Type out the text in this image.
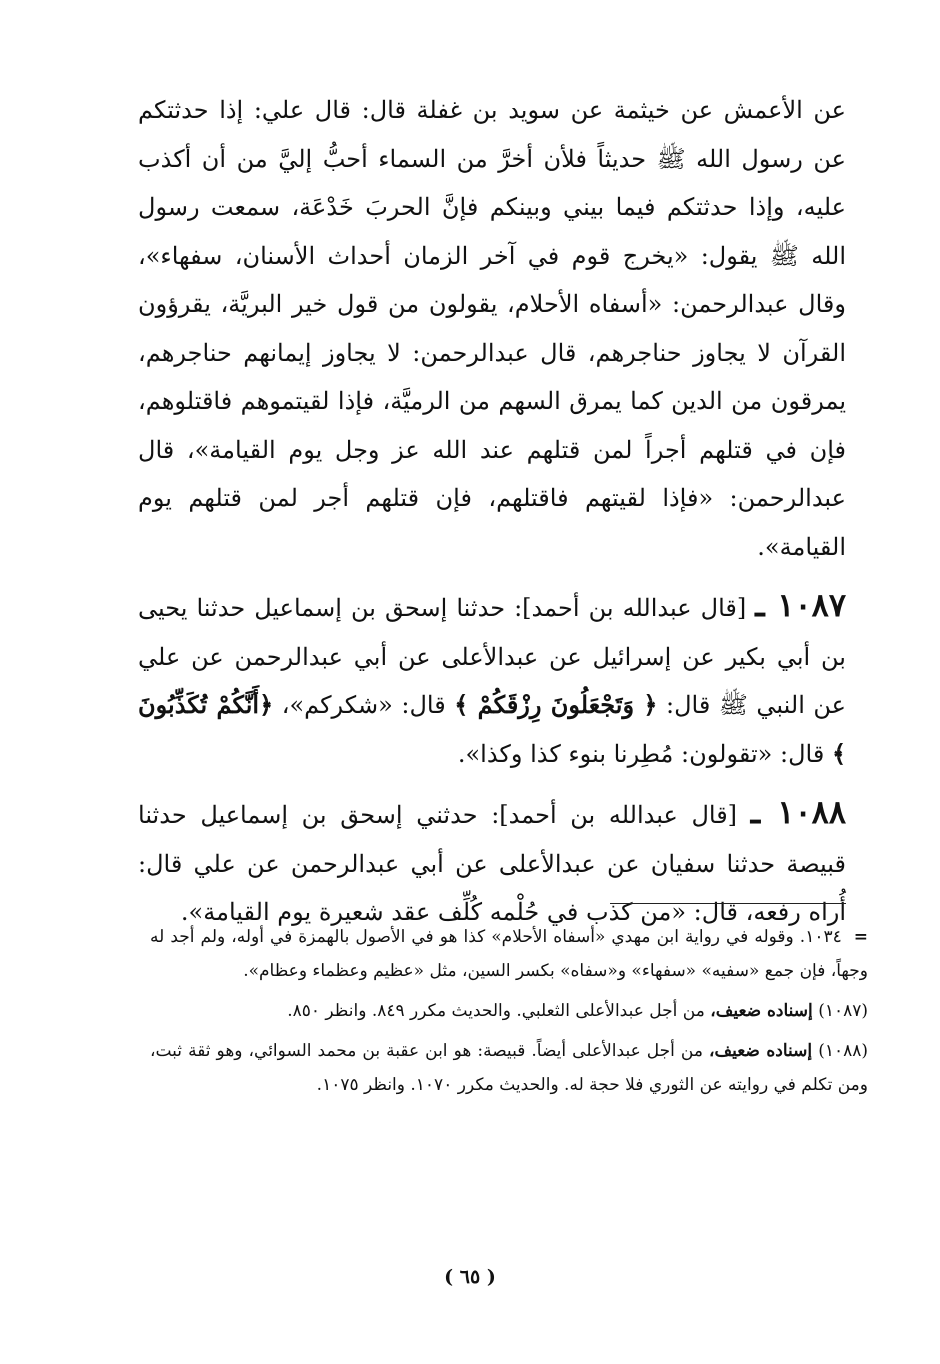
عن الأعمش عن خيثمة عن سويد بن غفلة قال: قال علي: إذا حدثتكم عن رسول الله ﷺ حديثاً فلأن أخرَّ من السماء أحبُّ إليَّ من أن أكذب عليه، وإذا حدثتكم فيما بيني وبينكم فإنَّ الحربَ خَدْعَة، سمعت رسول الله ﷺ يقول: «يخرج قوم في آخر الزمان أحداث الأسنان، سفهاء»، وقال عبدالرحمن: «أسفاه الأحلام، يقولون من قول خير البريَّة، يقرؤون القرآن لا يجاوز حناجرهم، قال عبدالرحمن: لا يجاوز إيمانهم حناجرهم، يمرقون من الدين كما يمرق السهم من الرميَّة، فإذا لقيتموهم فاقتلوهم، فإن في قتلهم أجراً لمن قتلهم عند الله عز وجل يوم القيامة»، قال عبدالرحمن: «فإذا لقيتهم فاقتلهم، فإن قتلهم أجر لمن قتلهم يوم القيامة».

١٠٨٧ ـ [قال عبدالله بن أحمد]: حدثنا إسحق بن إسماعيل حدثنا يحيى بن أبي بكير عن إسرائيل عن عبدالأعلى عن أبي عبدالرحمن عن علي عن النبي ﷺ قال: ﴿ وَتَجْعَلُونَ رِزْقَكُمْ ﴾ قال: «شكركم»، ﴿أَنَّكُمْ تُكَذِّبُونَ ﴾ قال: «تقولون: مُطِرنا بنوء كذا وكذا».

١٠٨٨ ـ [قال عبدالله بن أحمد]: حدثني إسحق بن إسماعيل حدثنا قبيصة حدثنا سفيان عن عبدالأعلى عن أبي عبدالرحمن عن علي قال: أُراه رفعه، قال: «من كذب في حُلْمه كُلِّف عقد شعيرة يوم القيامة».

= ١٠٣٤. وقوله في رواية ابن مهدي «أسفاه الأحلام» كذا هو في الأصول بالهمزة في أوله، ولم أجد له وجهاً، فإن جمع «سفيه» «سفهاء» و«سفاه» بكسر السين، مثل «عظيم وعظماء وعظام».

(١٠٨٧) إسناده ضعيف، من أجل عبدالأعلى الثعلبي. والحديث مكرر ٨٤٩. وانظر ٨٥٠.

(١٠٨٨) إسناده ضعيف، من أجل عبدالأعلى أيضاً. قبيصة: هو ابن عقبة بن محمد السوائي، وهو ثقة ثبت، ومن تكلم في روايته عن الثوري فلا حجة له. والحديث مكرر ١٠٧٠. وانظر ١٠٧٥.

( ٦٥ )
